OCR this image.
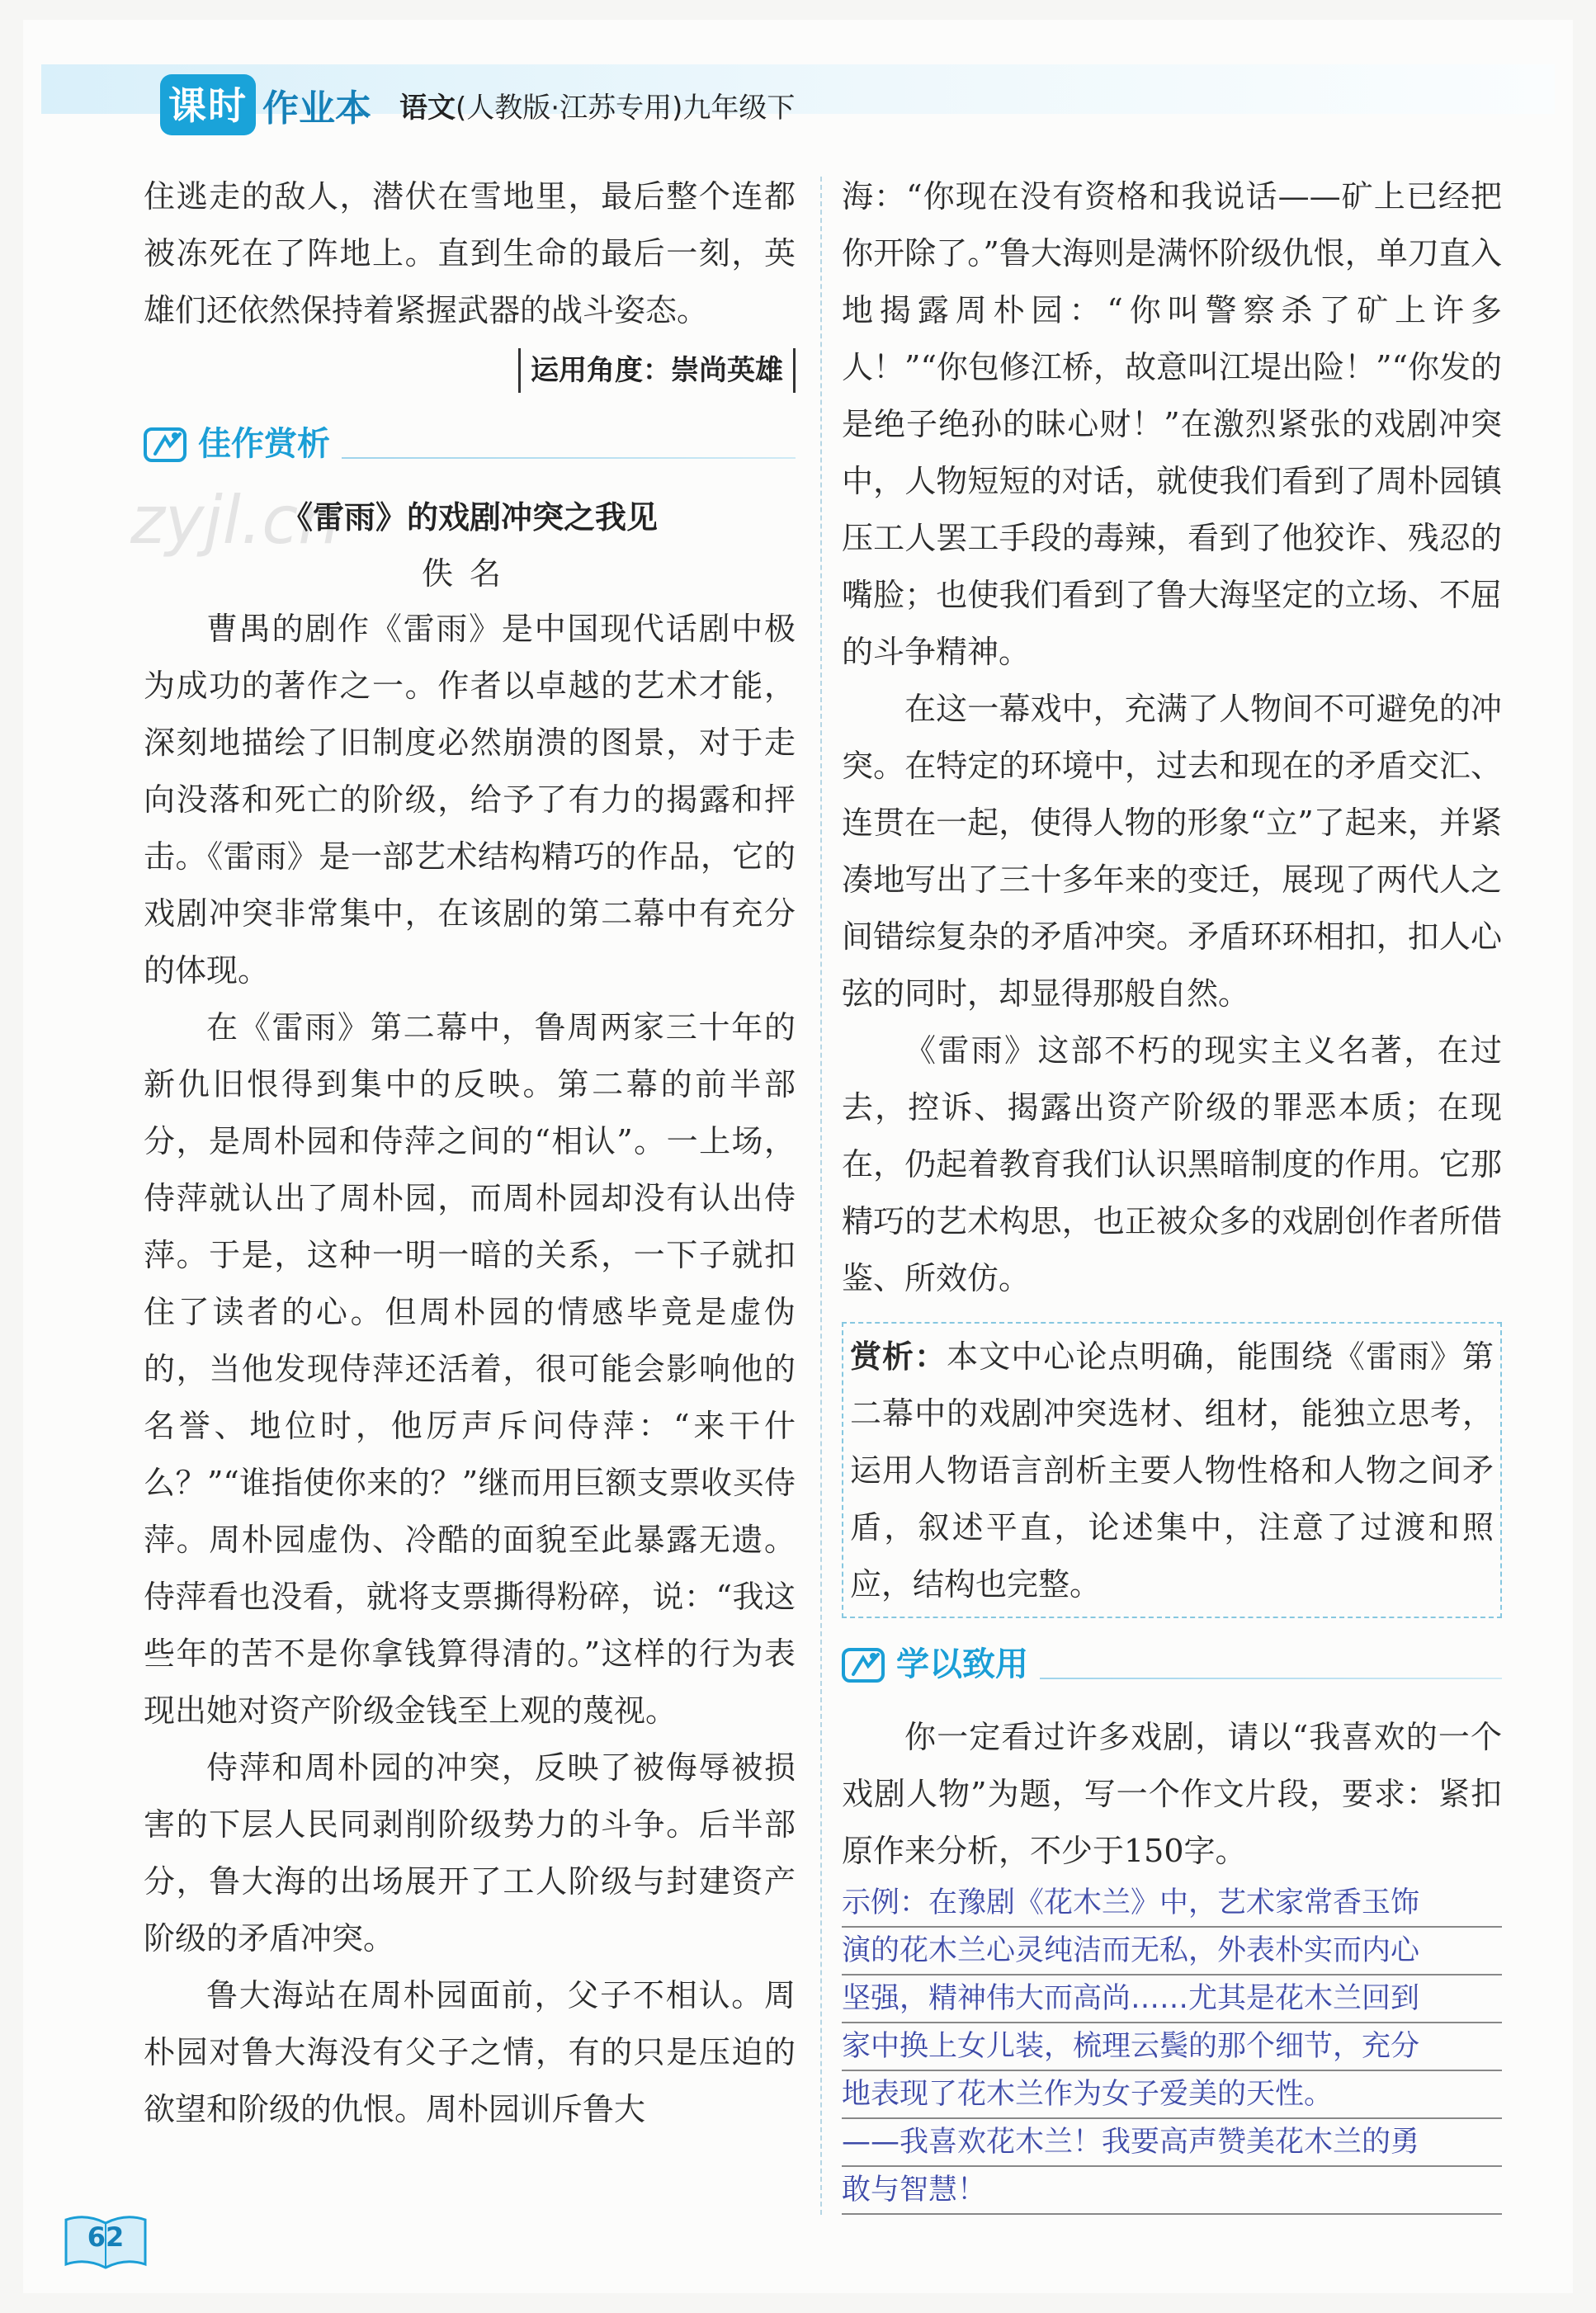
课时 作业本 语文(人教版·江苏专用)九年级下
zyjl.cn

住逃走的敌人，潜伏在雪地里，最后整个连都被冻死在了阵地上。直到生命的最后一刻，英雄们还依然保持着紧握武器的战斗姿态。

运用角度：崇尚英雄
佳作赏析
《雷雨》的戏剧冲突之我见
佚名

曹禺的剧作《雷雨》是中国现代话剧中极为成功的著作之一。作者以卓越的艺术才能，深刻地描绘了旧制度必然崩溃的图景，对于走向没落和死亡的阶级，给予了有力的揭露和抨击。《雷雨》是一部艺术结构精巧的作品，它的戏剧冲突非常集中，在该剧的第二幕中有充分的体现。

在《雷雨》第二幕中，鲁周两家三十年的新仇旧恨得到集中的反映。第二幕的前半部分，是周朴园和侍萍之间的“相认”。一上场，侍萍就认出了周朴园，而周朴园却没有认出侍萍。于是，这种一明一暗的关系，一下子就扣住了读者的心。但周朴园的情感毕竟是虚伪的，当他发现侍萍还活着，很可能会影响他的名誉、地位时，他厉声斥问侍萍：“来干什么？”“谁指使你来的？”继而用巨额支票收买侍萍。周朴园虚伪、冷酷的面貌至此暴露无遗。侍萍看也没看，就将支票撕得粉碎，说：“我这些年的苦不是你拿钱算得清的。”这样的行为表现出她对资产阶级金钱至上观的蔑视。

侍萍和周朴园的冲突，反映了被侮辱被损害的下层人民同剥削阶级势力的斗争。后半部分，鲁大海的出场展开了工人阶级与封建资产阶级的矛盾冲突。

鲁大海站在周朴园面前，父子不相认。周朴园对鲁大海没有父子之情，有的只是压迫的欲望和阶级的仇恨。周朴园训斥鲁大

海：“你现在没有资格和我说话——矿上已经把你开除了。”鲁大海则是满怀阶级仇恨，单刀直入地揭露周朴园：“你叫警察杀了矿上许多人！”“你包修江桥，故意叫江堤出险！”“你发的是绝子绝孙的昧心财！”在激烈紧张的戏剧冲突中，人物短短的对话，就使我们看到了周朴园镇压工人罢工手段的毒辣，看到了他狡诈、残忍的嘴脸；也使我们看到了鲁大海坚定的立场、不屈的斗争精神。

在这一幕戏中，充满了人物间不可避免的冲突。在特定的环境中，过去和现在的矛盾交汇、连贯在一起，使得人物的形象“立”了起来，并紧凑地写出了三十多年来的变迁，展现了两代人之间错综复杂的矛盾冲突。矛盾环环相扣，扣人心弦的同时，却显得那般自然。

《雷雨》这部不朽的现实主义名著，在过去，控诉、揭露出资产阶级的罪恶本质；在现在，仍起着教育我们认识黑暗制度的作用。它那精巧的艺术构思，也正被众多的戏剧创作者所借鉴、所效仿。

赏析：本文中心论点明确，能围绕《雷雨》第二幕中的戏剧冲突选材、组材，能独立思考，运用人物语言剖析主要人物性格和人物之间矛盾，叙述平直，论述集中，注意了过渡和照应，结构也完整。

学以致用

你一定看过许多戏剧，请以“我喜欢的一个戏剧人物”为题，写一个作文片段，要求：紧扣原作来分析，不少于150字。

示例：在豫剧《花木兰》中，艺术家常香玉饰
演的花木兰心灵纯洁而无私，外表朴实而内心
坚强，精神伟大而高尚……尤其是花木兰回到
家中换上女儿装，梳理云鬓的那个细节，充分
地表现了花木兰作为女子爱美的天性。
——我喜欢花木兰！我要高声赞美花木兰的勇
敢与智慧！
62
